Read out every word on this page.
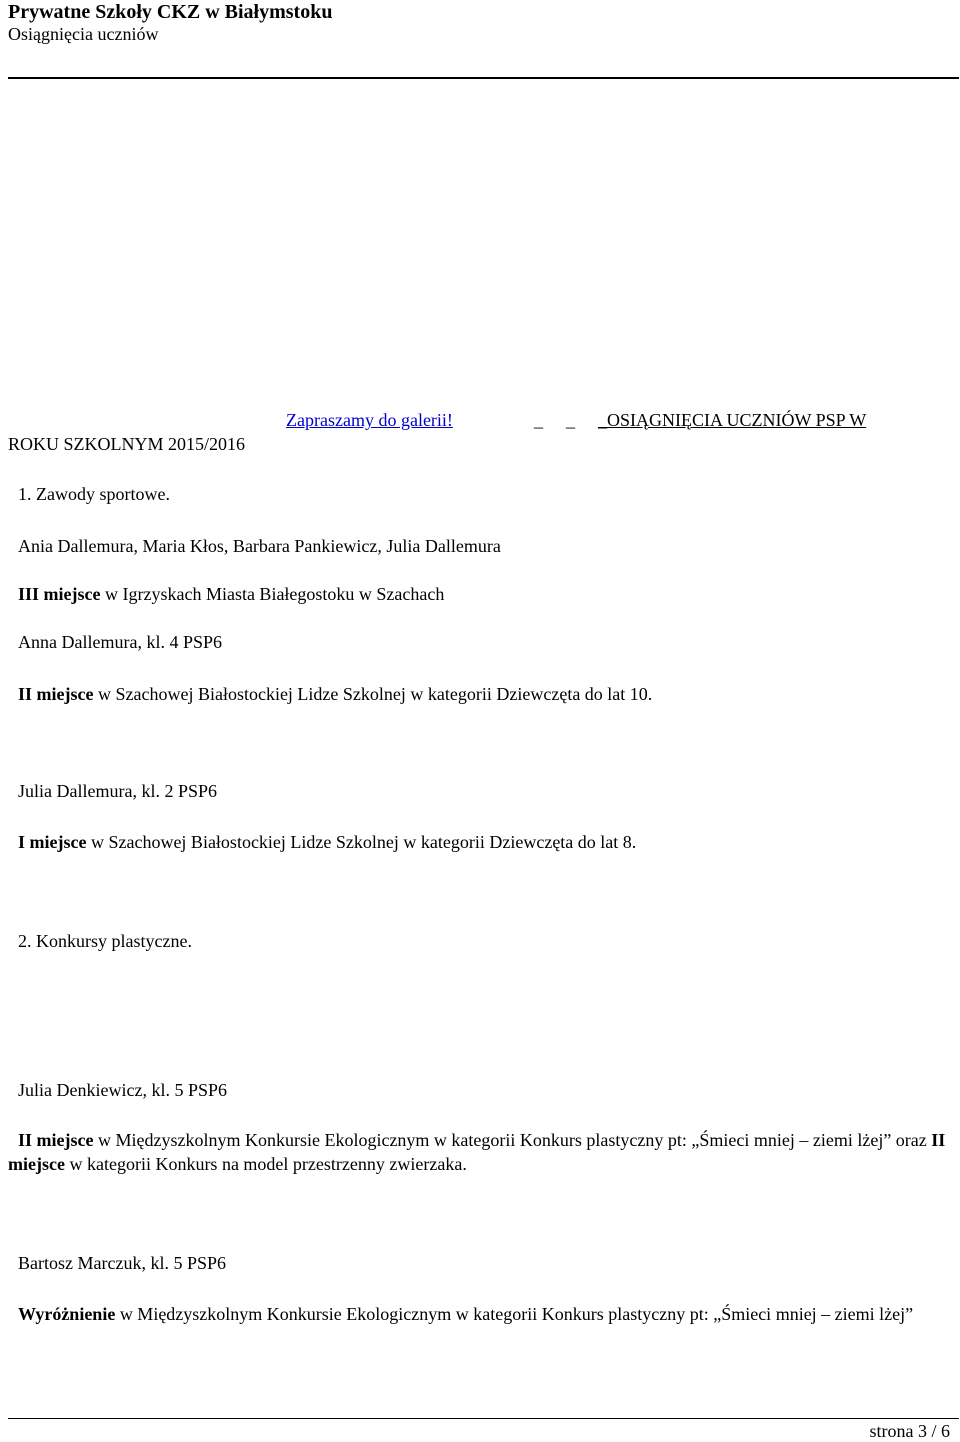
Prywatne Szkoły CKZ w Białymstoku
Osiągnięcia uczniów
Zapraszamy do galerii!	_ _ _OSIĄGNIĘCIA UCZNIÓW PSP W
ROKU SZKOLNYM 2015/2016
1. Zawody sportowe.
Ania Dallemura, Maria Kłos, Barbara Pankiewicz, Julia Dallemura
III miejsce w Igrzyskach Miasta Białegostoku w Szachach
Anna Dallemura, kl. 4 PSP6
II miejsce w Szachowej Białostockiej Lidze Szkolnej w kategorii Dziewczęta do lat 10.
Julia Dallemura, kl. 2 PSP6
I miejsce w Szachowej Białostockiej Lidze Szkolnej w kategorii Dziewczęta do lat 8.
2. Konkursy plastyczne.
Julia Denkiewicz, kl. 5 PSP6
II miejsce w Międzyszkolnym Konkursie Ekologicznym w kategorii Konkurs plastyczny pt: „Śmieci mniej – ziemi lżej” oraz II miejsce w kategorii Konkurs na model przestrzenny zwierzaka.
Bartosz Marczuk, kl. 5 PSP6
Wyróżnienie w Międzyszkolnym Konkursie Ekologicznym w kategorii Konkurs plastyczny pt: „Śmieci mniej – ziemi lżej”
strona 3 / 6
